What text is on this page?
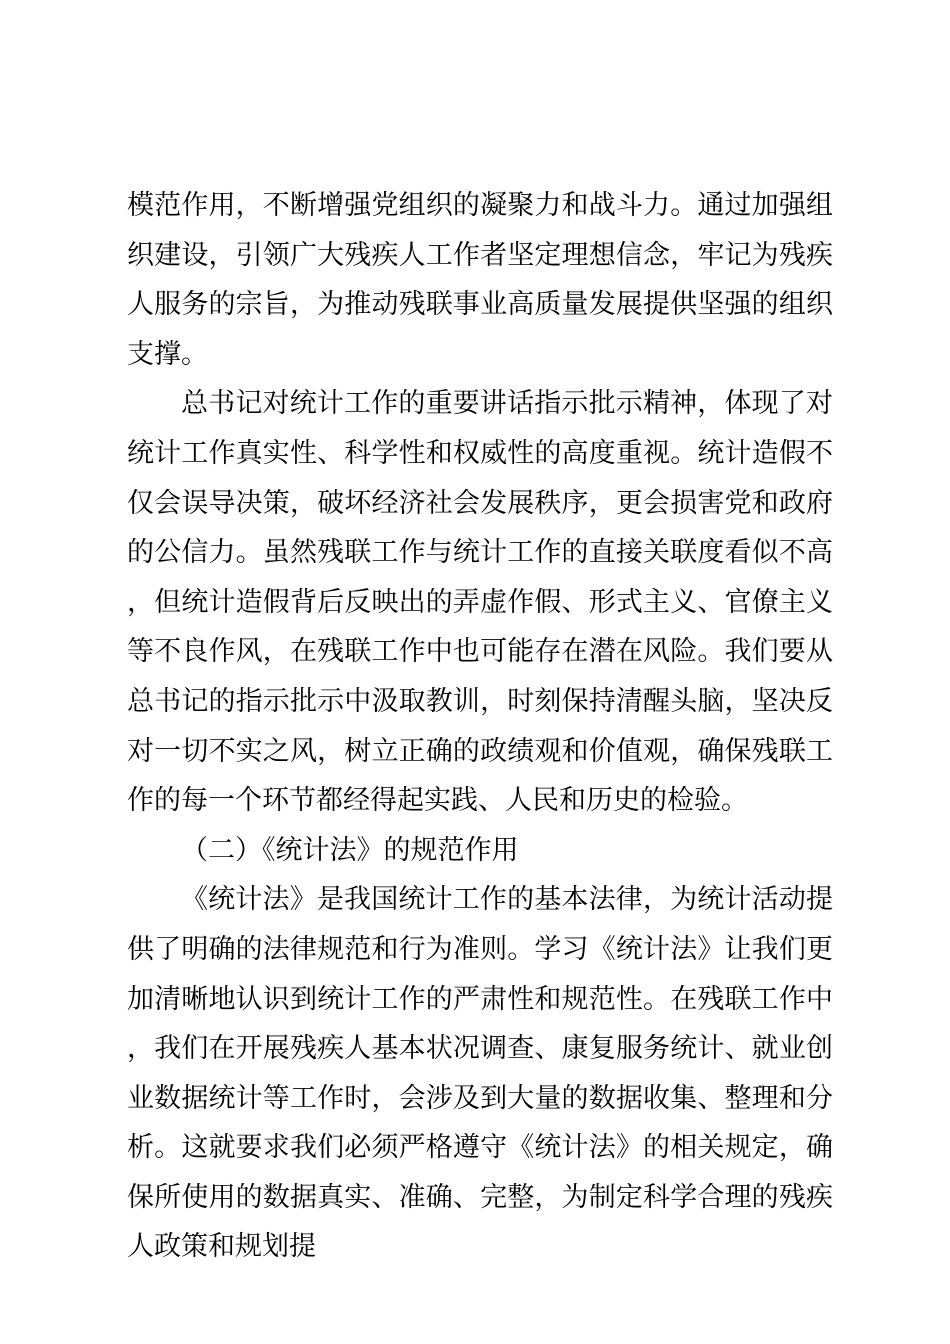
模范作用，不断增强党组织的凝聚力和战斗力。通过加强组织建设，引领广大残疾人工作者坚定理想信念，牢记为残疾人服务的宗旨，为推动残联事业高质量发展提供坚强的组织支撑。

总书记对统计工作的重要讲话指示批示精神，体现了对统计工作真实性、科学性和权威性的高度重视。统计造假不仅会误导决策，破坏经济社会发展秩序，更会损害党和政府的公信力。虽然残联工作与统计工作的直接关联度看似不高，但统计造假背后反映出的弄虚作假、形式主义、官僚主义等不良作风，在残联工作中也可能存在潜在风险。我们要从总书记的指示批示中汲取教训，时刻保持清醒头脑，坚决反对一切不实之风，树立正确的政绩观和价值观，确保残联工作的每一个环节都经得起实践、人民和历史的检验。

（二）《统计法》的规范作用

《统计法》是我国统计工作的基本法律，为统计活动提供了明确的法律规范和行为准则。学习《统计法》让我们更加清晰地认识到统计工作的严肃性和规范性。在残联工作中，我们在开展残疾人基本状况调查、康复服务统计、就业创业数据统计等工作时，会涉及到大量的数据收集、整理和分析。这就要求我们必须严格遵守《统计法》的相关规定，确保所使用的数据真实、准确、完整，为制定科学合理的残疾人政策和规划提
